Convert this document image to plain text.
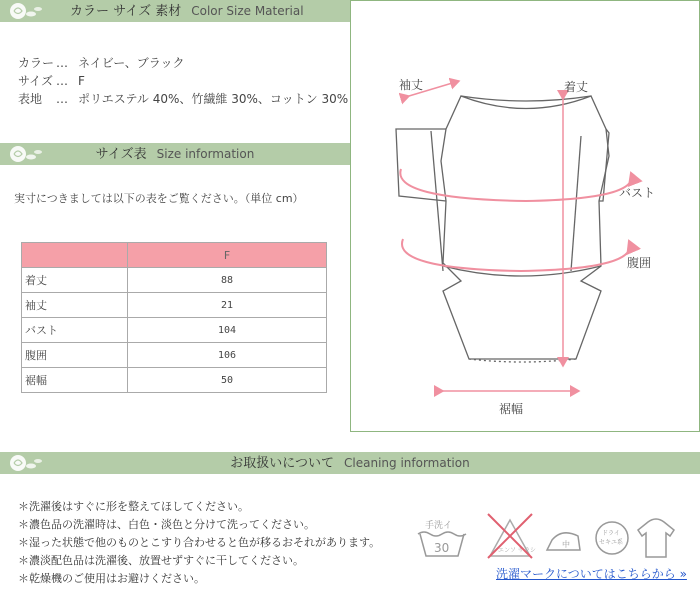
カラー サイズ 素材 Color Size Material
カラー … ネイビー、ブラック
サイズ … F
表地 … ポリエステル 40%、竹繊維 30%、コットン 30%
サイズ表 Size information
実寸につきましては以下の表をご覧ください。（単位 cm）
	F
着丈	88
袖丈	21
バスト	104
腹囲	106
裾幅	50
袖丈	着丈
バスト
腹囲
裾幅
お取扱いについて Cleaning information
＊洗濯後はすぐに形を整えてほしてください。
＊濃色品の洗濯時は、白色・淡色と分けて洗ってください。
＊湿った状態で他のものとこすり合わせると色が移るおそれがあります。
＊濃淡配色品は洗濯後、放置せずすぐに干してください。
＊乾燥機のご使用はお避けください。
手洗イ
30	エンソ サラシ
中
ドライ
セキユ系
洗濯マークについてはこちらから »
